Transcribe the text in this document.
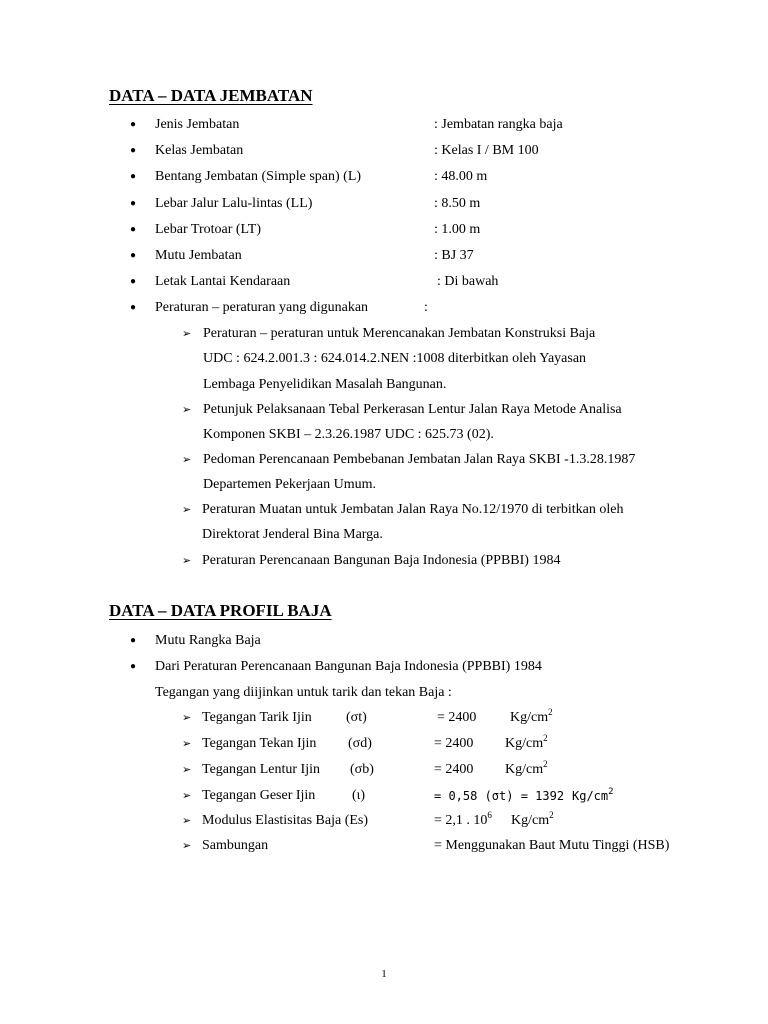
DATA – DATA JEMBATAN
● Jenis Jembatan	: Jembatan rangka baja
● Kelas Jembatan	: Kelas I / BM 100
● Bentang Jembatan (Simple span) (L)	: 48.00 m
● Lebar Jalur Lalu-lintas (LL)	: 8.50 m
● Lebar Trotoar (LT)	: 1.00 m
● Mutu Jembatan	: BJ 37
● Letak Lantai Kendaraan	: Di bawah
● Peraturan – peraturan yang digunakan	:
➢ Peraturan – peraturan untuk Merencanakan Jembatan Konstruksi Baja
UDC : 624.2.001.3 : 624.014.2.NEN :1008 diterbitkan oleh Yayasan
Lembaga Penyelidikan Masalah Bangunan.
➢ Petunjuk Pelaksanaan Tebal Perkerasan Lentur Jalan Raya Metode Analisa
Komponen SKBI – 2.3.26.1987 UDC : 625.73 (02).
➢ Pedoman Perencanaan Pembebanan Jembatan Jalan Raya SKBI -1.3.28.1987
Departemen Pekerjaan Umum.
➢ Peraturan Muatan untuk Jembatan Jalan Raya No.12/1970 di terbitkan oleh
Direktorat Jenderal Bina Marga.
➢ Peraturan Perencanaan Bangunan Baja Indonesia (PPBBI) 1984
DATA – DATA PROFIL BAJA
● Mutu Rangka Baja
● Dari Peraturan Perencanaan Bangunan Baja Indonesia (PPBBI) 1984
Tegangan yang diijinkan untuk tarik dan tekan Baja :
➢ Tegangan Tarik Ijin (σt)	= 2400 $Kg/cm^2$
➢ Tegangan Tekan Ijin (σd)	= 2400 $Kg/cm^2$
➢ Tegangan Lentur Ijin (σb)	= 2400 $Kg/cm^2$
➢ Tegangan Geser Ijin	(ι)	= 0,58 (σt) = 1392 $Kg/cm^2$
➢ Modulus Elastisitas Baja (Es)	= 2,1 . $10^6$ $Kg/cm^2$
➢ Sambungan	= Menggunakan Baut Mutu Tinggi (HSB)
1
